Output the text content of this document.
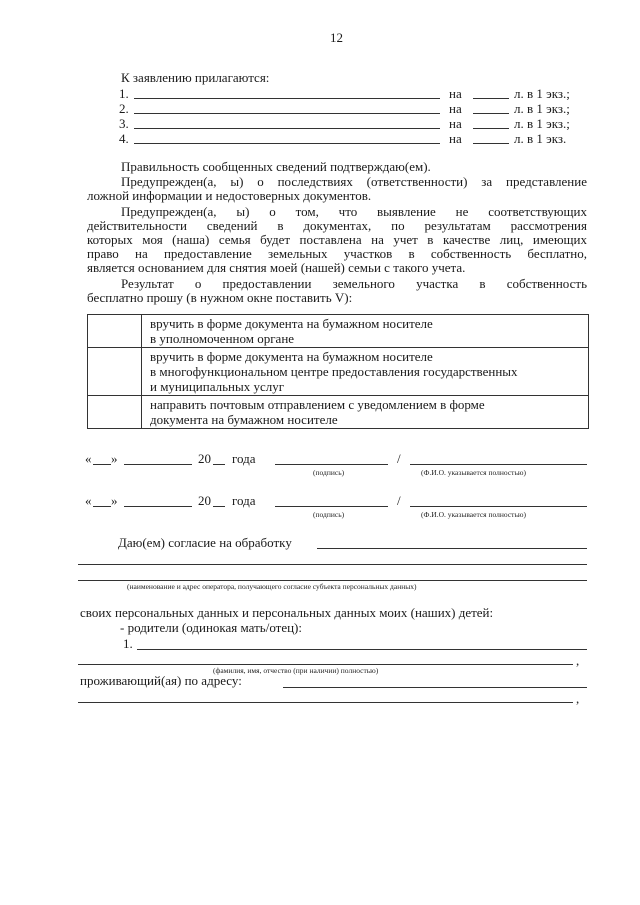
12
К заявлению прилагаются:
1.	на	л. в 1 экз.;
2.	на	л. в 1 экз.;
3.	на	л. в 1 экз.;
4.	на	л. в 1 экз.
Правильность сообщенных сведений подтверждаю(ем).
Предупрежден(а, ы) о последствиях (ответственности) за представление
ложной информации и недостоверных документов.
Предупрежден(а, ы) о том, что выявление не соответствующих
действительности сведений в документах, по результатам рассмотрения
которых моя (наша) семья будет поставлена на учет в качестве лиц, имеющих
право на предоставление земельных участков в собственность бесплатно,
является основанием для снятия моей (нашей) семьи с такого учета.
Результат о предоставлении земельного участка в собственность
бесплатно прошу (в нужном окне поставить V):

	вручить в форме документа на бумажном носителе
в уполномоченном органе

	вручить в форме документа на бумажном носителе
в многофункциональном центре предоставления государственных
и муниципальных услуг

	направить почтовым отправлением с уведомлением в форме
документа на бумажном носителе
« »	20 года	/
(подпись)	(Ф.И.О. указывается полностью)
« »	20 года	/
(подпись)	(Ф.И.О. указывается полностью)
Даю(ем) согласие на обработку
(наименование и адрес оператора, получающего согласие субъекта персональных данных)
своих персональных данных и персональных данных моих (наших) детей:
- родители (одинокая мать/отец):
1.
,
(фамилия, имя, отчество (при наличии) полностью)
проживающий(ая) по адресу:
,
